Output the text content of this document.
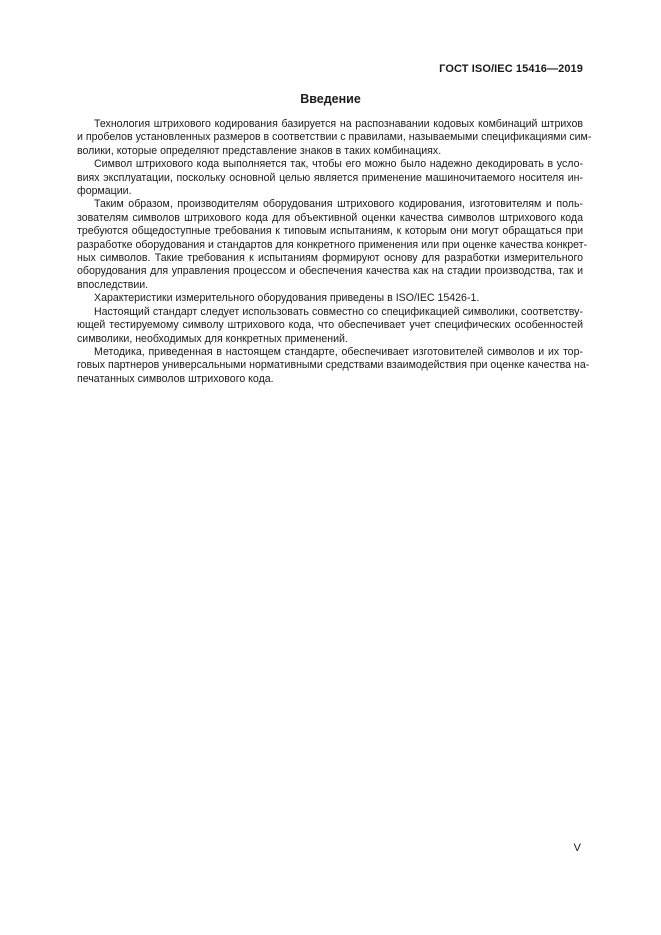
ГОСТ ISO/IEC 15416—2019
Введение

Технология штрихового кодирования базируется на распознавании кодовых комбинаций штрихов
и пробелов установленных размеров в соответствии с правилами, называемыми спецификациями сим-
волики, которые определяют представление знаков в таких комбинациях.

Символ штрихового кода выполняется так, чтобы его можно было надежно декодировать в усло-
виях эксплуатации, поскольку основной целью является применение машиночитаемого носителя ин-
формации.

Таким образом, производителям оборудования штрихового кодирования, изготовителям и поль-
зователям символов штрихового кода для объективной оценки качества символов штрихового кода
требуются общедоступные требования к типовым испытаниям, к которым они могут обращаться при
разработке оборудования и стандартов для конкретного применения или при оценке качества конкрет-
ных символов. Такие требования к испытаниям формируют основу для разработки измерительного
оборудования для управления процессом и обеспечения качества как на стадии производства, так и
впоследствии.

Характеристики измерительного оборудования приведены в ISO/IEC 15426-1.

Настоящий стандарт следует использовать совместно со спецификацией символики, соответству-
ющей тестируемому символу штрихового кода, что обеспечивает учет специфических особенностей
символики, необходимых для конкретных применений.

Методика, приведенная в настоящем стандарте, обеспечивает изготовителей символов и их тор-
говых партнеров универсальными нормативными средствами взаимодействия при оценке качества на-
печатанных символов штрихового кода.

V
